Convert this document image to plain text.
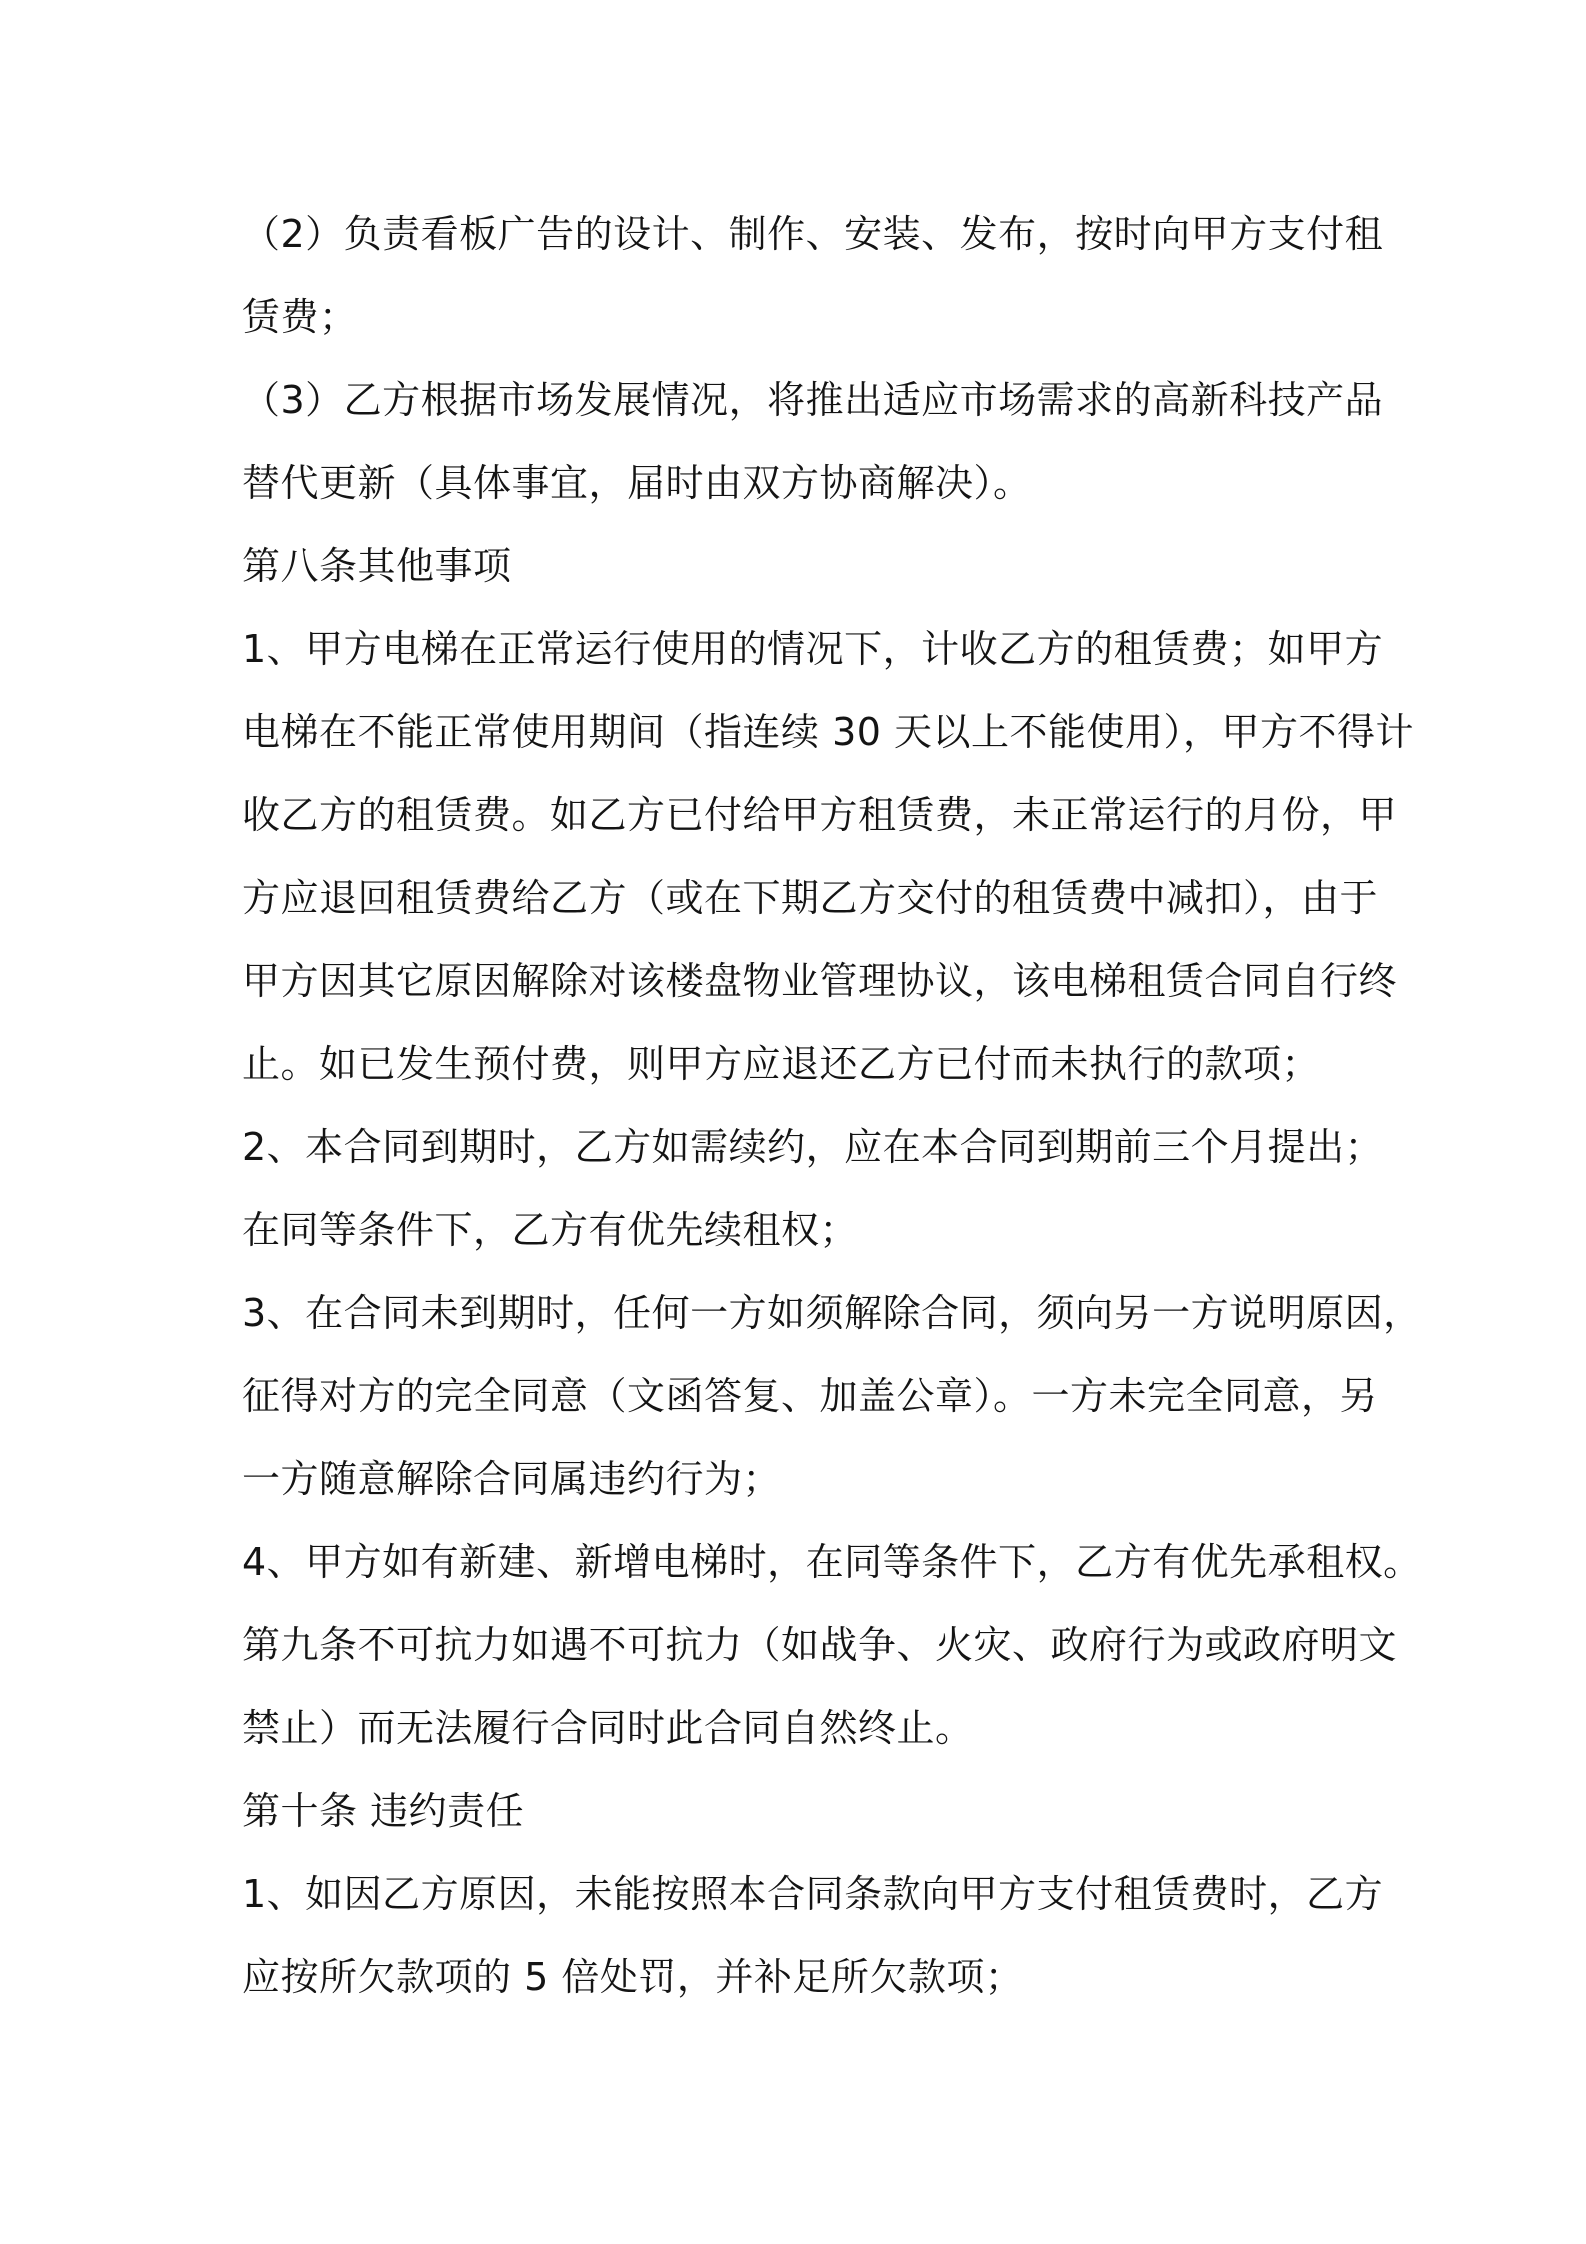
（2）负责看板广告的设计、制作、安装、发布，按时向甲方支付租
赁费；

（3）乙方根据市场发展情况，将推出适应市场需求的高新科技产品
替代更新（具体事宜，届时由双方协商解决）。

第八条其他事项

1、甲方电梯在正常运行使用的情况下，计收乙方的租赁费；如甲方
电梯在不能正常使用期间（指连续 30 天以上不能使用），甲方不得计
收乙方的租赁费。如乙方已付给甲方租赁费，未正常运行的月份，甲
方应退回租赁费给乙方（或在下期乙方交付的租赁费中减扣），由于
甲方因其它原因解除对该楼盘物业管理协议，该电梯租赁合同自行终
止。如已发生预付费，则甲方应退还乙方已付而未执行的款项；

2、本合同到期时，乙方如需续约，应在本合同到期前三个月提出；
在同等条件下，乙方有优先续租权；

3、在合同未到期时，任何一方如须解除合同，须向另一方说明原因，
征得对方的完全同意（文函答复、加盖公章）。一方未完全同意，另
一方随意解除合同属违约行为；

4、甲方如有新建、新增电梯时，在同等条件下，乙方有优先承租权。

第九条不可抗力如遇不可抗力（如战争、火灾、政府行为或政府明文
禁止）而无法履行合同时此合同自然终止。

第十条 违约责任

1、如因乙方原因，未能按照本合同条款向甲方支付租赁费时，乙方
应按所欠款项的 5 倍处罚，并补足所欠款项；
